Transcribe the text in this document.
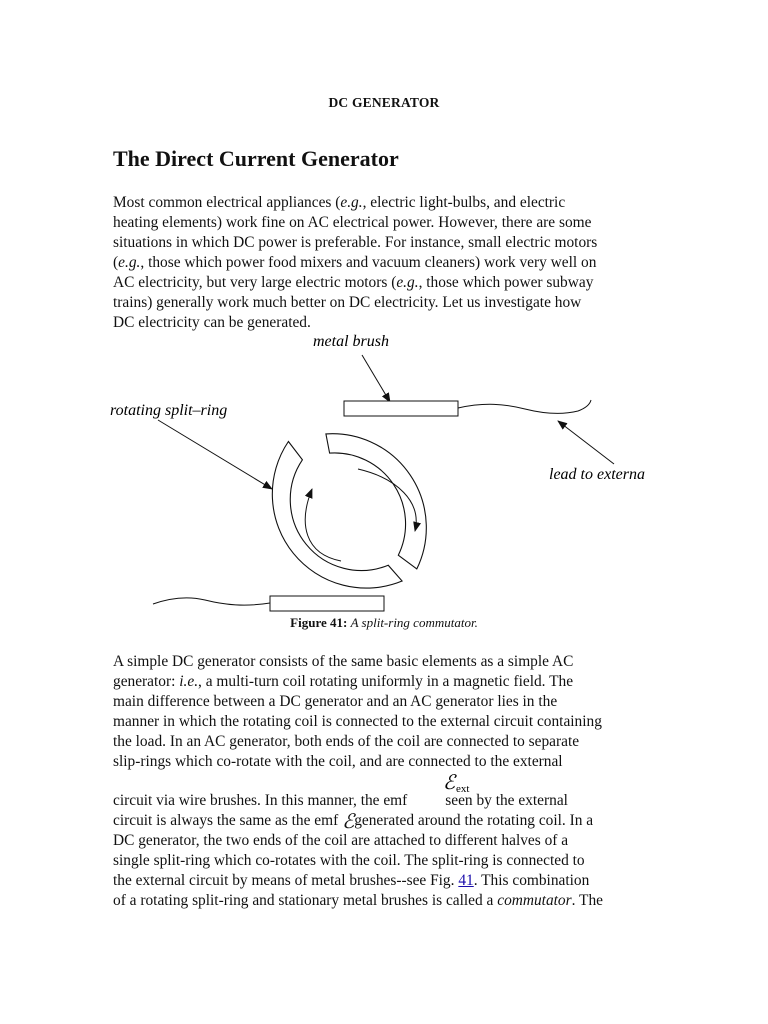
DC GENERATOR
The Direct Current Generator
Most common electrical appliances (e.g., electric light-bulbs, and electric
heating elements) work fine on AC electrical power. However, there are some
situations in which DC power is preferable. For instance, small electric motors
(e.g., those which power food mixers and vacuum cleaners) work very well on
AC electricity, but very large electric motors (e.g., those which power subway
trains) generally work much better on DC electricity. Let us investigate how
DC electricity can be generated.
metal brush
rotating split–ring
lead to externa
Figure 41: A split-ring commutator.
A simple DC generator consists of the same basic elements as a simple AC
generator: i.e., a multi-turn coil rotating uniformly in a magnetic field. The
main difference between a DC generator and an AC generator lies in the
manner in which the rotating coil is connected to the external circuit containing
the load. In an AC generator, both ends of the coil are connected to separate
slip-rings which co-rotate with the coil, and are connected to the external
ℰ ext
circuit via wire brushes. In this manner, the emf seen by the external
circuit is always the same as the emf ℰgenerated around the rotating coil. In a
DC generator, the two ends of the coil are attached to different halves of a
single split-ring which co-rotates with the coil. The split-ring is connected to
the external circuit by means of metal brushes--see Fig. 41. This combination
of a rotating split-ring and stationary metal brushes is called a commutator. The
